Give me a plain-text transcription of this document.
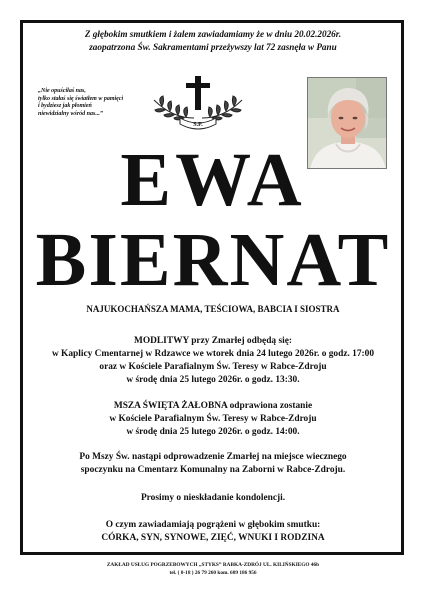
Z głębokim smutkiem i żalem zawiadamiamy że w dniu 20.02.2026r.
zaopatrzona Św. Sakramentami przeżywszy lat 72 zasnęła w Panu
„Nie opuściłaś nas,
tylko stałaś się światłem w pamięci
i bydziesz jak płomień
niewidzialny wśród nas...”
S.P.
EWA
BIERNAT
NAJUKOCHAŃSZA MAMA, TEŚCIOWA, BABCIA I SIOSTRA
MODLITWY przy Zmarłej odbędą się:
w Kaplicy Cmentarnej w Rdzawce we wtorek dnia 24 lutego 2026r. o godz. 17:00
oraz w Kościele Parafialnym Św. Teresy w Rabce-Zdroju
w środę dnia 25 lutego 2026r. o godz. 13:30.
MSZA ŚWIĘTA ŻAŁOBNA odprawiona zostanie
w Kościele Parafialnym Św. Teresy w Rabce-Zdroju
w środę dnia 25 lutego 2026r. o godz. 14:00.
Po Mszy Św. nastąpi odprowadzenie Zmarłej na miejsce wiecznego
spoczynku na Cmentarz Komunalny na Zaborni w Rabce-Zdroju.
Prosimy o nieskładanie kondolencji.
O czym zawiadamiają pogrążeni w głębokim smutku:
CÓRKA, SYN, SYNOWE, ZIĘĆ, WNUKI I RODZINA
ZAKŁAD USŁUG POGRZEBOWYCH „STYKS” RABKA-ZDRÓJ UL. KILIŃSKIEGO 46b
tel. ( 0-18 ) 26 79 260 kom. 609 186 956
